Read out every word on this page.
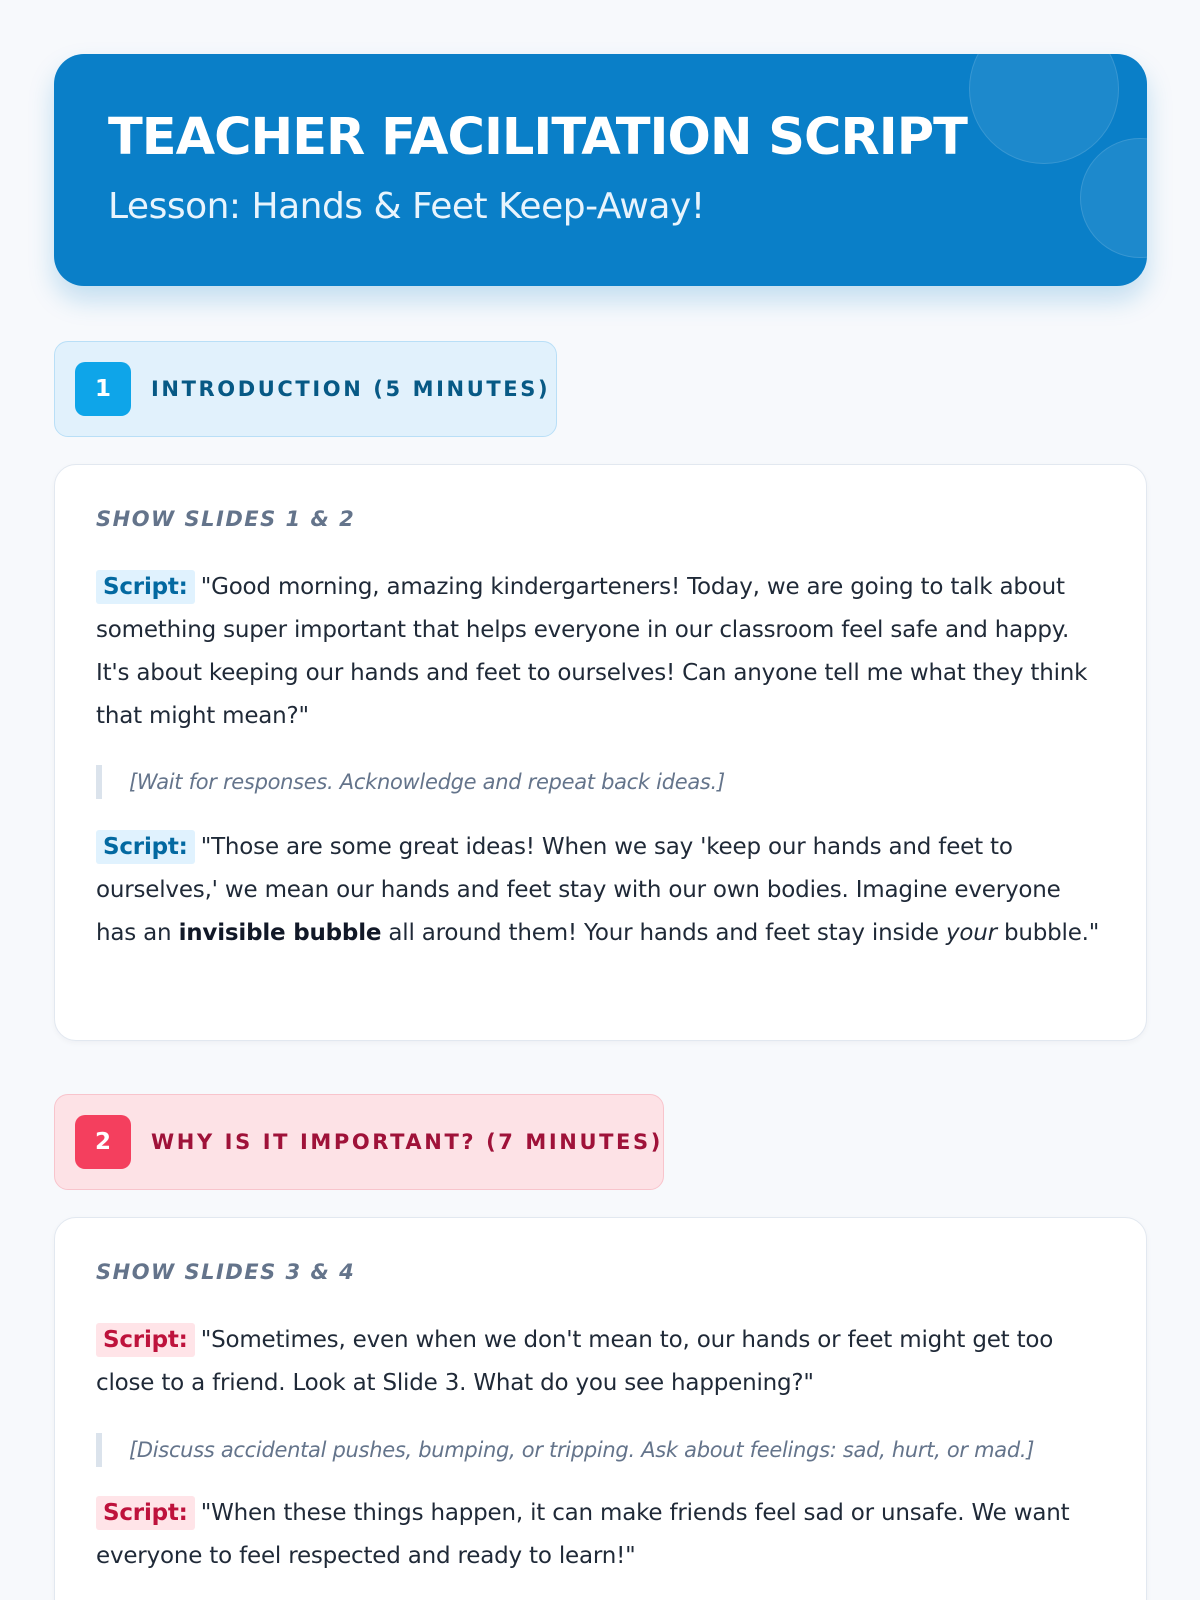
TEACHER FACILITATION SCRIPT
Lesson: Hands & Feet Keep-Away!
1	INTRODUCTION (5 MINUTES)
SHOW SLIDES 1 & 2
Script: "Good morning, amazing kindergarteners! Today, we are going to talk about something super important that helps everyone in our classroom feel safe and happy. It's about keeping our hands and feet to ourselves! Can anyone tell me what they think that might mean?"
[Wait for responses. Acknowledge and repeat back ideas.]
Script: "Those are some great ideas! When we say 'keep our hands and feet to ourselves,' we mean our hands and feet stay with our own bodies. Imagine everyone has an invisible bubble all around them! Your hands and feet stay inside your bubble."
2	WHY IS IT IMPORTANT? (7 MINUTES)
SHOW SLIDES 3 & 4
Script: "Sometimes, even when we don't mean to, our hands or feet might get too close to a friend. Look at Slide 3. What do you see happening?"
[Discuss accidental pushes, bumping, or tripping. Ask about feelings: sad, hurt, or mad.]
Script: "When these things happen, it can make friends feel sad or unsafe. We want everyone to feel respected and ready to learn!"
